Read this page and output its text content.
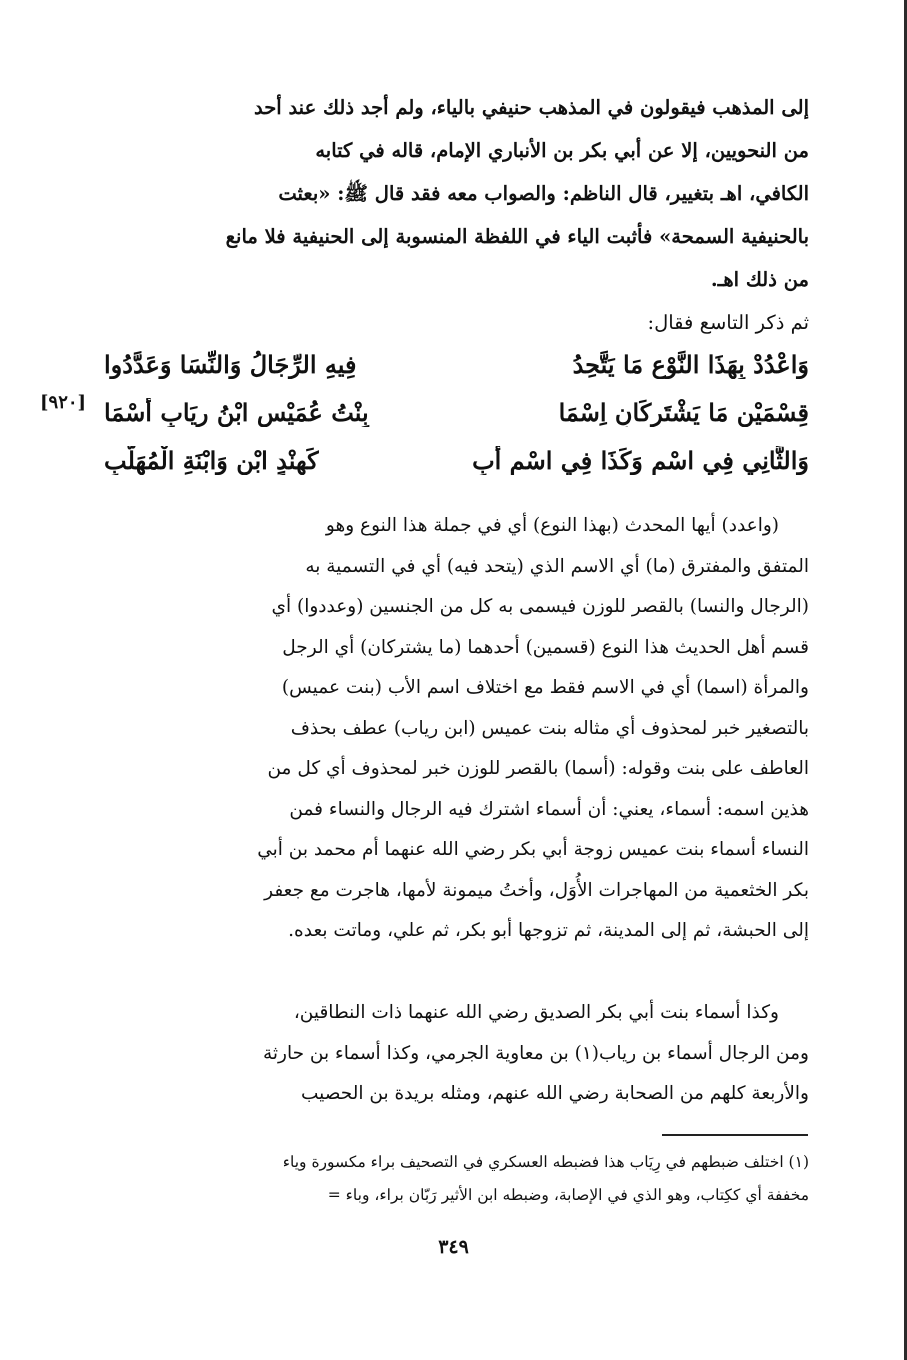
إلى المذهب فيقولون في المذهب حنيفي بالياء، ولم أجد ذلك عند أحد
من النحويين، إلا عن أبي بكر بن الأنباري الإمام، قاله في كتابه
الكافي، اهـ بتغيير، قال الناظم: والصواب معه فقد قال ﷺ: «بعثت
بالحنيفية السمحة» فأثبت الياء في اللفظة المنسوبة إلى الحنيفية فلا مانع
من ذلك اهـ.
ثم ذكر التاسع فقال:
وَاعْدُدْ بِهَذَا النَّوْعِ مَا يَتَّحِدُ
فِيهِ الرِّجَالُ وَالنِّسَا وَعَدَّدُوا
قِسْمَيْنِ مَا يَشْتَرِكَانِ اِسْمَا
بِنْتُ عُمَيْسٍ ابْنُ رِيَابٍ أَسْمَا
وَالثَّانِي فِي اسْمٍ وَكَذَا فِي اسْمِ أَبِ
كَهِنْدٍ ابْنٍ وَابْنَةِ الْمُهَلَّبِ
[٩٢٠]
(واعدد) أيها المحدث (بهذا النوع) أي في جملة هذا النوع وهو
المتفق والمفترق (ما) أي الاسم الذي (يتحد فيه) أي في التسمية به
(الرجال والنسا) بالقصر للوزن فيسمى به كل من الجنسين (وعددوا) أي
قسم أهل الحديث هذا النوع (قسمين) أحدهما (ما يشتركان) أي الرجل
والمرأة (اسما) أي في الاسم فقط مع اختلاف اسم الأب (بنت عميس)
بالتصغير خبر لمحذوف أي مثاله بنت عميس (ابن رياب) عطف بحذف
العاطف على بنت وقوله: (أسما) بالقصر للوزن خبر لمحذوف أي كل من
هذين اسمه: أسماء، يعني: أن أسماء اشترك فيه الرجال والنساء فمن
النساء أسماء بنت عميس زوجة أبي بكر رضي الله عنهما أم محمد بن أبي
بكر الخثعمية من المهاجرات الأُوَل، وأختُ ميمونة لأمها، هاجرت مع جعفر
إلى الحبشة، ثم إلى المدينة، ثم تزوجها أبو بكر، ثم علي، وماتت بعده.
وكذا أسماء بنت أبي بكر الصديق رضي الله عنهما ذات النطاقين،
ومن الرجال أسماء بن رياب(١) بن معاوية الجرمي، وكذا أسماء بن حارثة
والأربعة كلهم من الصحابة رضي الله عنهم، ومثله بريدة بن الحصيب
(١) اختلف ضبطهم في رِيَاب هذا فضبطه العسكري في التصحيف براء مكسورة وياء
مخففة أي ككِتاب، وهو الذي في الإصابة، وضبطه ابن الأثير رَبّان براء، وباء =
٣٤٩
